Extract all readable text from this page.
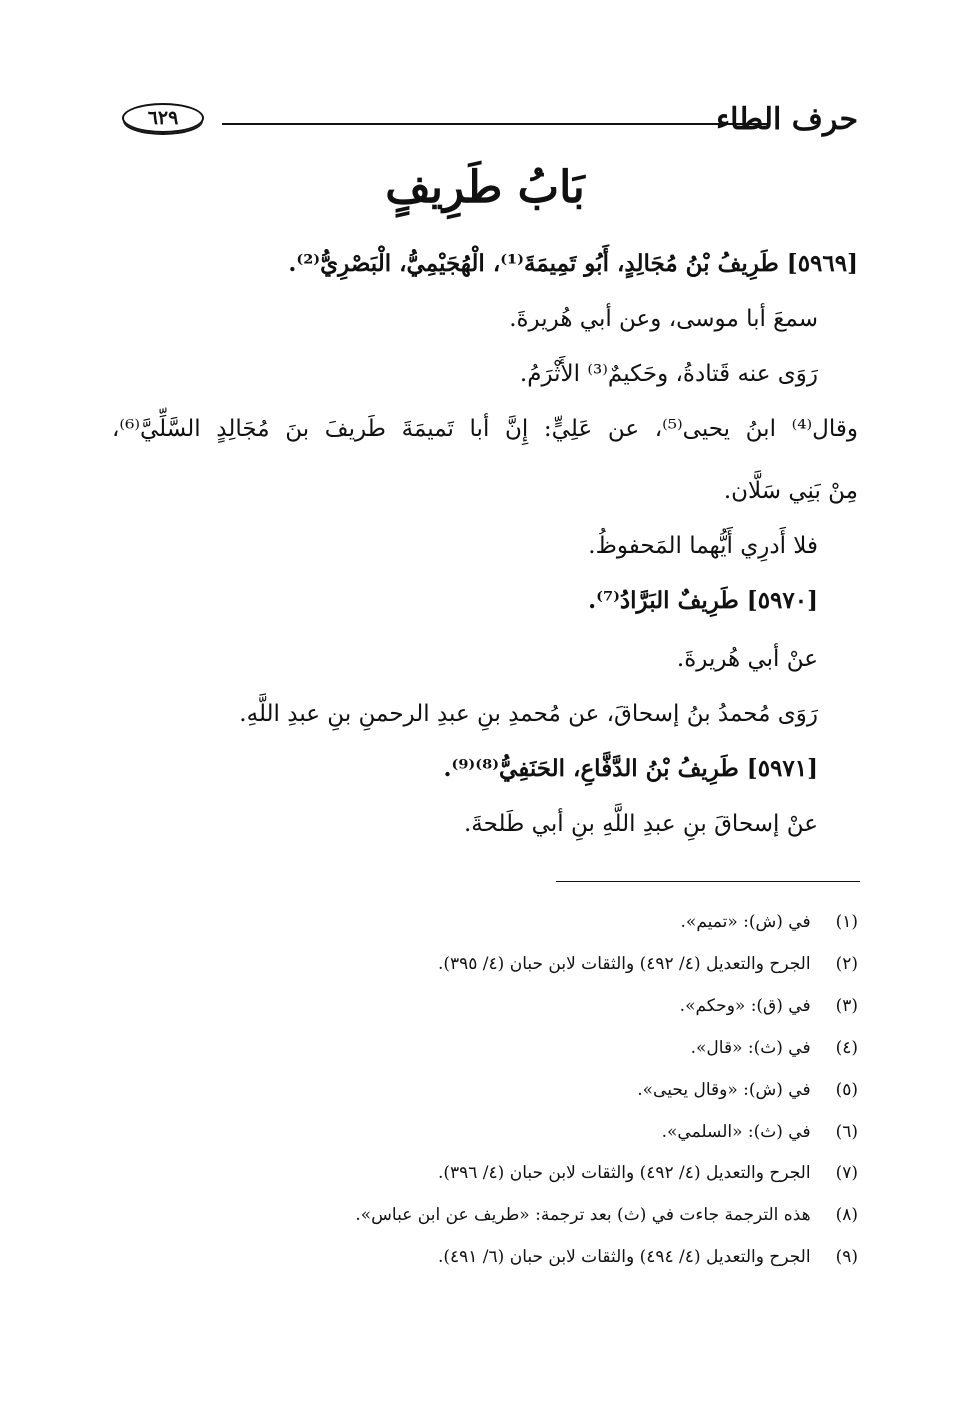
حرف الطاء
٦٢٩
بَابُ طَرِيفٍ

[٥٩٦٩] طَرِيفُ بْنُ مُجَالِدٍ، أَبُو تَمِيمَةَ⁽¹⁾، الْهُجَيْمِيُّ، الْبَصْرِيُّ⁽²⁾.

سمعَ أبا موسى، وعن أبي هُريرةَ.

رَوَى عنه قَتادةُ، وحَكيمٌ⁽³⁾ الأَثْرَمُ.

وقال⁽⁴⁾ ابنُ يحيى⁽⁵⁾، عن عَلِيٍّ: إِنَّ أبا تَميمَةَ طَريفَ بنَ مُجَالِدٍ السَّلِّيَّ⁽⁶⁾،

مِنْ بَنِي سَلَّان.

فلا أَدرِي أَيُّهما المَحفوظُ.

[٥٩٧٠] طَرِيفٌ البَرَّادُ⁽⁷⁾.

عنْ أبي هُريرةَ.

رَوَى مُحمدُ بنُ إسحاقَ، عن مُحمدِ بنِ عبدِ الرحمنِ بنِ عبدِ اللَّهِ.

[٥٩٧١] طَرِيفُ بْنُ الدَّفَّاعِ، الحَنَفِيُّ⁽⁸⁾⁽⁹⁾.

عنْ إسحاقَ بنِ عبدِ اللَّهِ بنِ أبي طَلحةَ.

(١) في (ش): «تميم».
(٢) الجرح والتعديل (٤/ ٤٩٢) والثقات لابن حبان (٤/ ٣٩٥).
(٣) في (ق): «وحكم».
(٤) في (ث): «قال».
(٥) في (ش): «وقال يحيى».
(٦) في (ث): «السلمي».
(٧) الجرح والتعديل (٤/ ٤٩٢) والثقات لابن حبان (٤/ ٣٩٦).
(٨) هذه الترجمة جاءت في (ث) بعد ترجمة: «طريف عن ابن عباس».
(٩) الجرح والتعديل (٤/ ٤٩٤) والثقات لابن حبان (٦/ ٤٩١).
